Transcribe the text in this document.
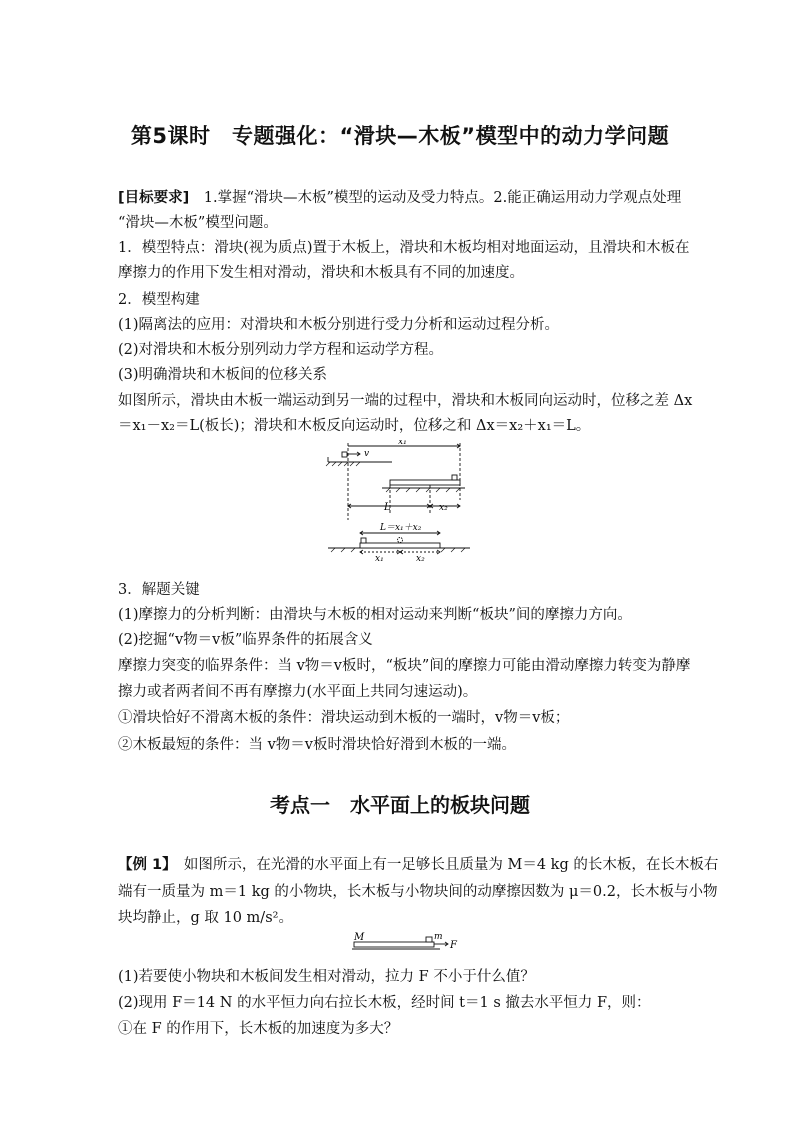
第5课时　专题强化：“滑块—木板”模型中的动力学问题
[目标要求]　1.掌握“滑块—木板”模型的运动及受力特点。2.能正确运用动力学观点处理
“滑块—木板”模型问题。
1．模型特点：滑块(视为质点)置于木板上，滑块和木板均相对地面运动，且滑块和木板在
摩擦力的作用下发生相对滑动，滑块和木板具有不同的加速度。
2．模型构建
(1)隔离法的应用：对滑块和木板分别进行受力分析和运动过程分析。
(2)对滑块和木板分别列动力学方程和运动学方程。
(3)明确滑块和木板间的位移关系
如图所示，滑块由木板一端运动到另一端的过程中，滑块和木板同向运动时，位移之差 Δx
＝x₁－x₂＝L(板长)；滑块和木板反向运动时，位移之和 Δx＝x₂＋x₁＝L。
3．解题关键
(1)摩擦力的分析判断：由滑块与木板的相对运动来判断“板块”间的摩擦力方向。
(2)挖掘“v物＝v板”临界条件的拓展含义
摩擦力突变的临界条件：当 v物＝v板时，“板块”间的摩擦力可能由滑动摩擦力转变为静摩
擦力或者两者间不再有摩擦力(水平面上共同匀速运动)。
①滑块恰好不滑离木板的条件：滑块运动到木板的一端时，v物＝v板；
②木板最短的条件：当 v物＝v板时滑块恰好滑到木板的一端。
v
x₁
L	x₂
L＝x₁＋x₂
x₁	x₂
考点一　水平面上的板块问题
【例 1】　如图所示，在光滑的水平面上有一足够长且质量为 M＝4 kg 的长木板，在长木板右
端有一质量为 m＝1 kg 的小物块，长木板与小物块间的动摩擦因数为 μ＝0.2，长木板与小物
块均静止，g 取 10 m/s²。
(1)若要使小物块和木板间发生相对滑动，拉力 F 不小于什么值？
(2)现用 F＝14 N 的水平恒力向右拉长木板，经时间 t＝1 s 撤去水平恒力 F，则：
①在 F 的作用下，长木板的加速度为多大？
M	m
F
